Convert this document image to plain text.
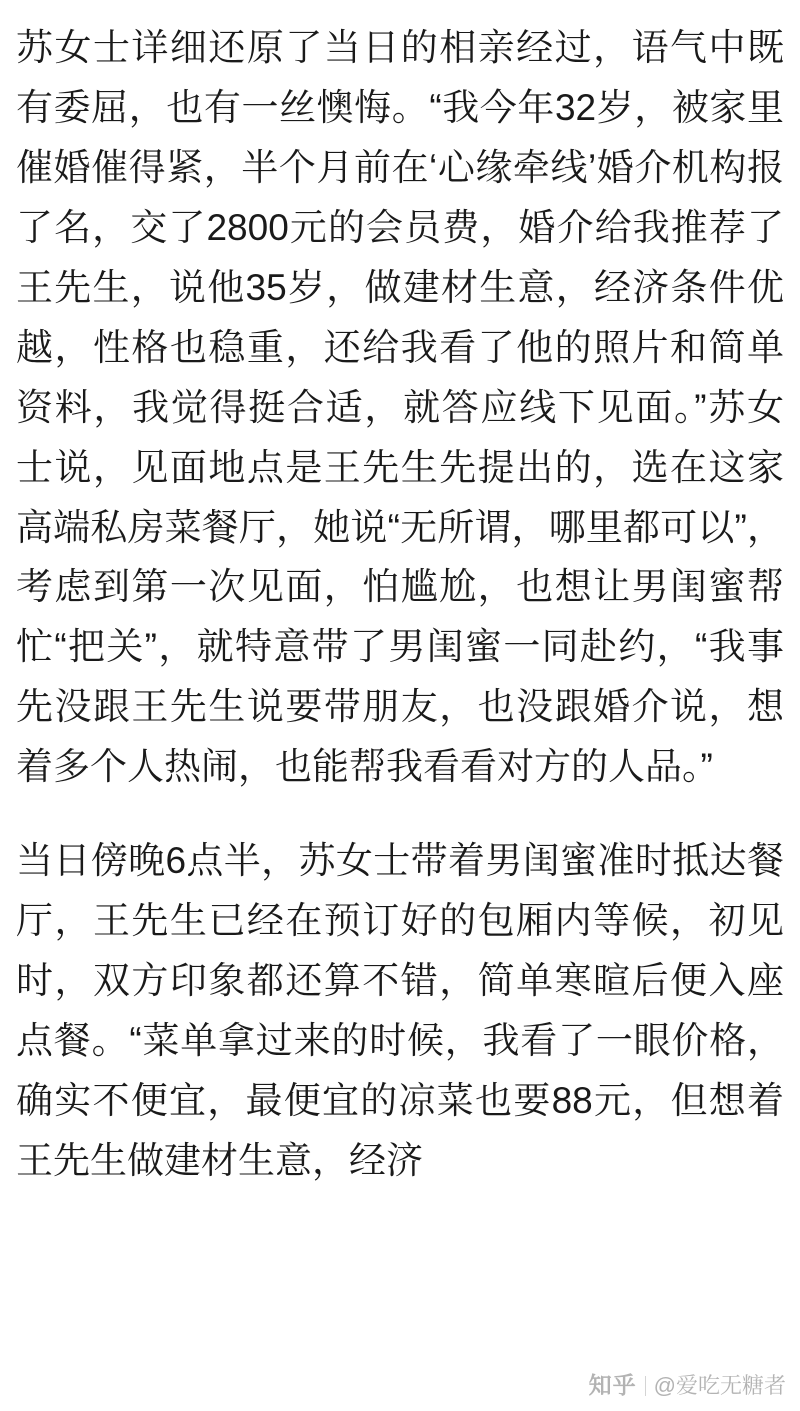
苏女士详细还原了当日的相亲经过，语气中既有委屈，也有一丝懊悔。“我今年32岁，被家里催婚催得紧，半个月前在‘心缘牵线’婚介机构报了名，交了2800元的会员费，婚介给我推荐了王先生，说他35岁，做建材生意，经济条件优越，性格也稳重，还给我看了他的照片和简单资料，我觉得挺合适，就答应线下见面。”苏女士说，见面地点是王先生先提出的，选在这家高端私房菜餐厅，她说“无所谓，哪里都可以”，考虑到第一次见面，怕尴尬，也想让男闺蜜帮忙“把关”，就特意带了男闺蜜一同赴约，“我事先没跟王先生说要带朋友，也没跟婚介说，想着多个人热闹，也能帮我看看对方的人品。”

当日傍晚6点半，苏女士带着男闺蜜准时抵达餐厅，王先生已经在预订好的包厢内等候，初见时，双方印象都还算不错，简单寒暄后便入座点餐。“菜单拿过来的时候，我看了一眼价格，确实不便宜，最便宜的凉菜也要88元，但想着王先生做建材生意，经济

知乎 @爱吃无糖者
